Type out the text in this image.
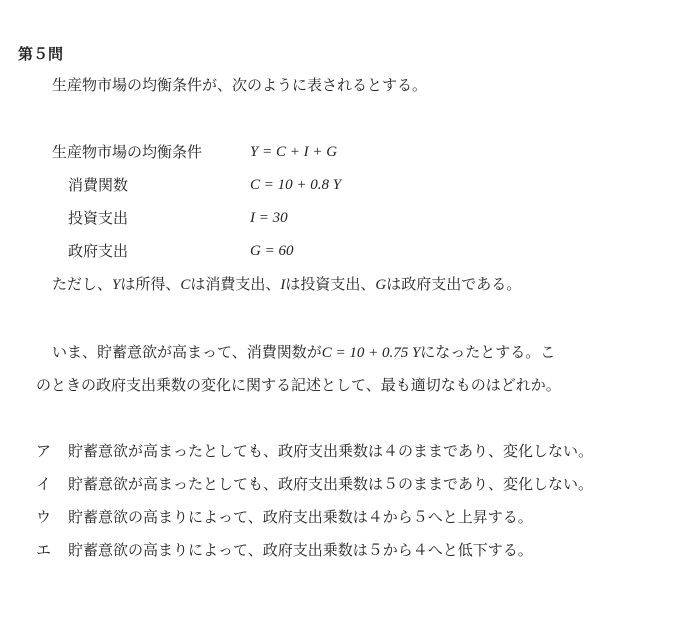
第５問
生産物市場の均衡条件が、次のように表されるとする。
生産物市場の均衡条件	Y = C + I + G
消費関数	C = 10 + 0.8 Y
投資支出	I = 30
政府支出	G = 60
ただし、Yは所得、Cは消費支出、Iは投資支出、Gは政府支出である。
いま、貯蓄意欲が高まって、消費関数がC = 10 + 0.75 Yになったとする。こ
のときの政府支出乗数の変化に関する記述として、最も適切なものはどれか。
ア 貯蓄意欲が高まったとしても、政府支出乗数は４のままであり、変化しない。
イ 貯蓄意欲が高まったとしても、政府支出乗数は５のままであり、変化しない。
ウ 貯蓄意欲の高まりによって、政府支出乗数は４から５へと上昇する。
エ 貯蓄意欲の高まりによって、政府支出乗数は５から４へと低下する。
